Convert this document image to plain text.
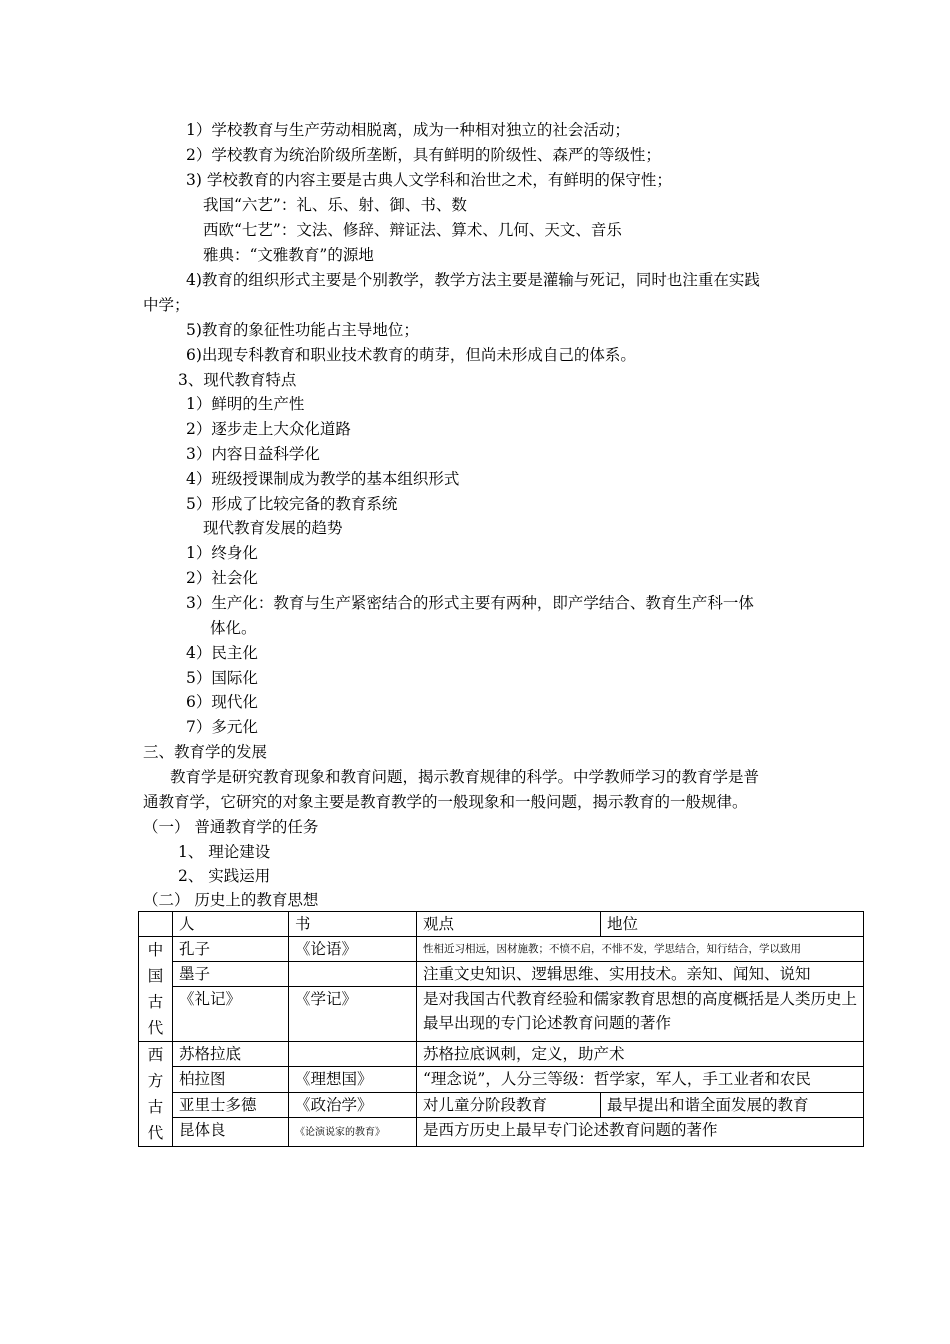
1）学校教育与生产劳动相脱离，成为一种相对独立的社会活动；
2）学校教育为统治阶级所垄断，具有鲜明的阶级性、森严的等级性；
3) 学校教育的内容主要是古典人文学科和治世之术，有鲜明的保守性；
我国“六艺”：礼、乐、射、御、书、数
西欧“七艺”：文法、修辞、辩证法、算术、几何、天文、音乐
雅典：“文雅教育”的源地
4)教育的组织形式主要是个别教学，教学方法主要是灌输与死记，同时也注重在实践
中学；
5)教育的象征性功能占主导地位；
6)出现专科教育和职业技术教育的萌芽，但尚未形成自己的体系。
3、现代教育特点
1）鲜明的生产性
2）逐步走上大众化道路
3）内容日益科学化
4）班级授课制成为教学的基本组织形式
5）形成了比较完备的教育系统
现代教育发展的趋势
1）终身化
2）社会化
3）生产化：教育与生产紧密结合的形式主要有两种，即产学结合、教育生产科一体
体化。
4）民主化
5）国际化
6）现代化
7）多元化
三、教育学的发展
教育学是研究教育现象和教育问题，揭示教育规律的科学。中学教师学习的教育学是普
通教育学，它研究的对象主要是教育教学的一般现象和一般问题，揭示教育的一般规律。
（一） 普通教育学的任务
1、 理论建设
2、 实践运用
（二） 历史上的教育思想
	人	书	观点	地位

中
国
古
代	孔子	《论语》	性相近习相远，因材施教；不愤不启，不悱不发，学思结合，知行结合，学以致用	
	墨子		注重文史知识、逻辑思维、实用技术。亲知、闻知、说知	
	《礼记》	《学记》	是对我国古代教育经验和儒家教育思想的高度概括是人类历史上最早出现的专门论述教育问题的著作	

西
方
古
代	苏格拉底		苏格拉底讽刺，定义，助产术	
	柏拉图	《理想国》	“理念说”，人分三等级：哲学家，军人，手工业者和农民	
	亚里士多德	《政治学》	对儿童分阶段教育	最早提出和谐全面发展的教育
	昆体良	《论演说家的教育》	是西方历史上最早专门论述教育问题的著作	
